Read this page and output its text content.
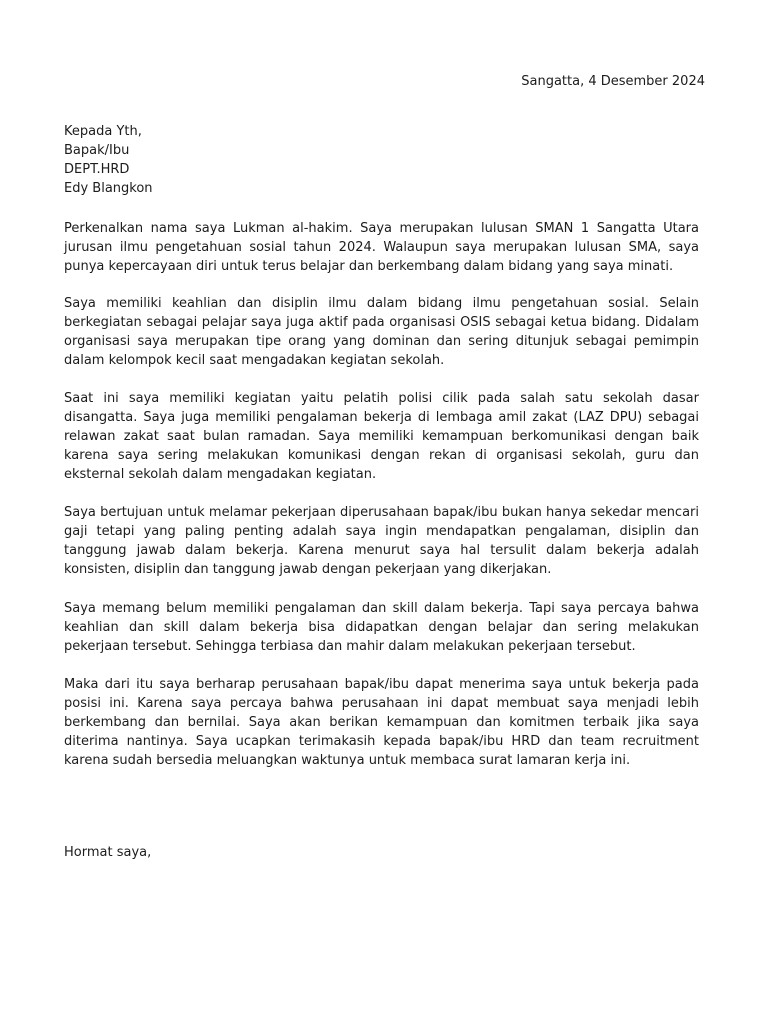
Sangatta, 4 Desember 2024
Kepada Yth,
Bapak/Ibu
DEPT.HRD
Edy Blangkon
Perkenalkan nama saya Lukman al-hakim. Saya merupakan lulusan SMAN 1 Sangatta Utara jurusan ilmu pengetahuan sosial tahun 2024. Walaupun saya merupakan lulusan SMA, saya punya kepercayaan diri untuk terus belajar dan berkembang dalam bidang yang saya minati.
Saya memiliki keahlian dan disiplin ilmu dalam bidang ilmu pengetahuan sosial. Selain berkegiatan sebagai pelajar saya juga aktif pada organisasi OSIS sebagai ketua bidang. Didalam organisasi saya merupakan tipe orang yang dominan dan sering ditunjuk sebagai pemimpin dalam kelompok kecil saat mengadakan kegiatan sekolah.
Saat ini saya memiliki kegiatan yaitu pelatih polisi cilik pada salah satu sekolah dasar disangatta. Saya juga memiliki pengalaman bekerja di lembaga amil zakat (LAZ DPU) sebagai relawan zakat saat bulan ramadan. Saya memiliki kemampuan berkomunikasi dengan baik karena saya sering melakukan komunikasi dengan rekan di organisasi sekolah, guru dan eksternal sekolah dalam mengadakan kegiatan.
Saya bertujuan untuk melamar pekerjaan diperusahaan bapak/ibu bukan hanya sekedar mencari gaji tetapi yang paling penting adalah saya ingin mendapatkan pengalaman, disiplin dan tanggung jawab dalam bekerja. Karena menurut saya hal tersulit dalam bekerja adalah konsisten, disiplin dan tanggung jawab dengan pekerjaan yang dikerjakan.
Saya memang belum memiliki pengalaman dan skill dalam bekerja. Tapi saya percaya bahwa keahlian dan skill dalam bekerja bisa didapatkan dengan belajar dan sering melakukan pekerjaan tersebut. Sehingga terbiasa dan mahir dalam melakukan pekerjaan tersebut.
Maka dari itu saya berharap perusahaan bapak/ibu dapat menerima saya untuk bekerja pada posisi ini. Karena saya percaya bahwa perusahaan ini dapat membuat saya menjadi lebih berkembang dan bernilai. Saya akan berikan kemampuan dan komitmen terbaik jika saya diterima nantinya. Saya ucapkan terimakasih kepada bapak/ibu HRD dan team recruitment karena sudah bersedia meluangkan waktunya untuk membaca surat lamaran kerja ini.
Hormat saya,
